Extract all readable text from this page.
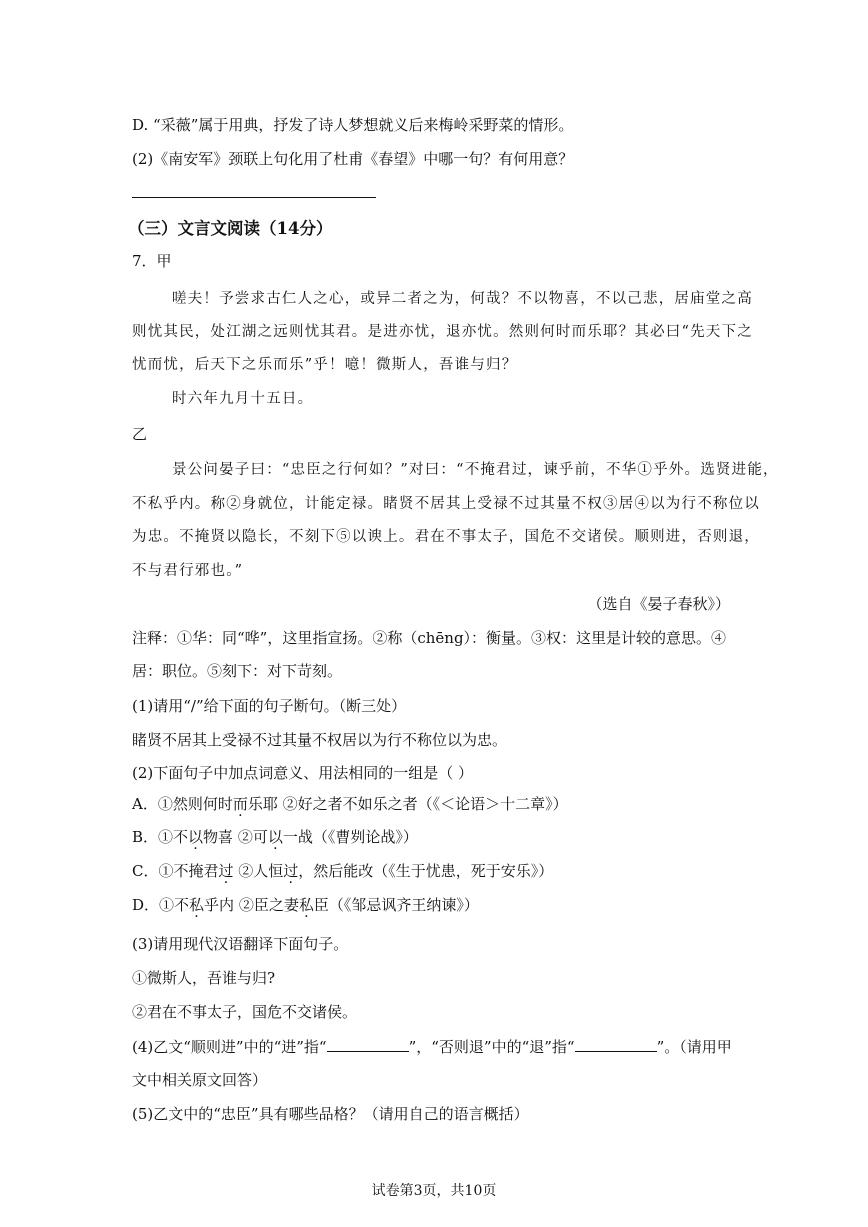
D. “采薇”属于用典，抒发了诗人梦想就义后来梅岭采野菜的情形。
(2)《南安军》颈联上句化用了杜甫《春望》中哪一句？有何用意？
（三）文言文阅读（14分）
7．甲
嗟夫！予尝求古仁人之心，或异二者之为，何哉？不以物喜，不以己悲，居庙堂之高
则忧其民，处江湖之远则忧其君。是进亦忧，退亦忧。然则何时而乐耶？其必曰“先天下之
忧而忧，后天下之乐而乐”乎！噫！微斯人，吾谁与归？
时六年九月十五日。
乙
景公问晏子曰：“忠臣之行何如？”对曰：“不掩君过，谏乎前，不华①乎外。选贤进能，
不私乎内。称②身就位，计能定禄。睹贤不居其上受禄不过其量不权③居④以为行不称位以
为忠。不掩贤以隐长，不刻下⑤以谀上。君在不事太子，国危不交诸侯。顺则进，否则退，
不与君行邪也。”
（选自《晏子春秋》）
注释：①华：同“哗”，这里指宣扬。②称（chēng）：衡量。③权：这里是计较的意思。④
居：职位。⑤刻下：对下苛刻。
(1)请用“/”给下面的句子断句。（断三处）
睹贤不居其上受禄不过其量不权居以为行不称位以为忠。
(2)下面句子中加点词意义、用法相同的一组是（ ）
A．①然则何时而乐耶 ②好之者不如乐之者（《＜论语＞十二章》）
B．①不以物喜 ②可以一战（《曹刿论战》）
C．①不掩君过 ②人恒过，然后能改（《生于忧患，死于安乐》）
D．①不私乎内 ②臣之妻私臣（《邹忌讽齐王纳谏》）
(3)请用现代汉语翻译下面句子。
①微斯人，吾谁与归?
②君在不事太子，国危不交诸侯。
(4)乙文“顺则进”中的“进”指“	”，“否则退”中的“退”指“	”。（请用甲
文中相关原文回答）
(5)乙文中的“忠臣”具有哪些品格？（请用自己的语言概括）
试卷第3页，共10页
